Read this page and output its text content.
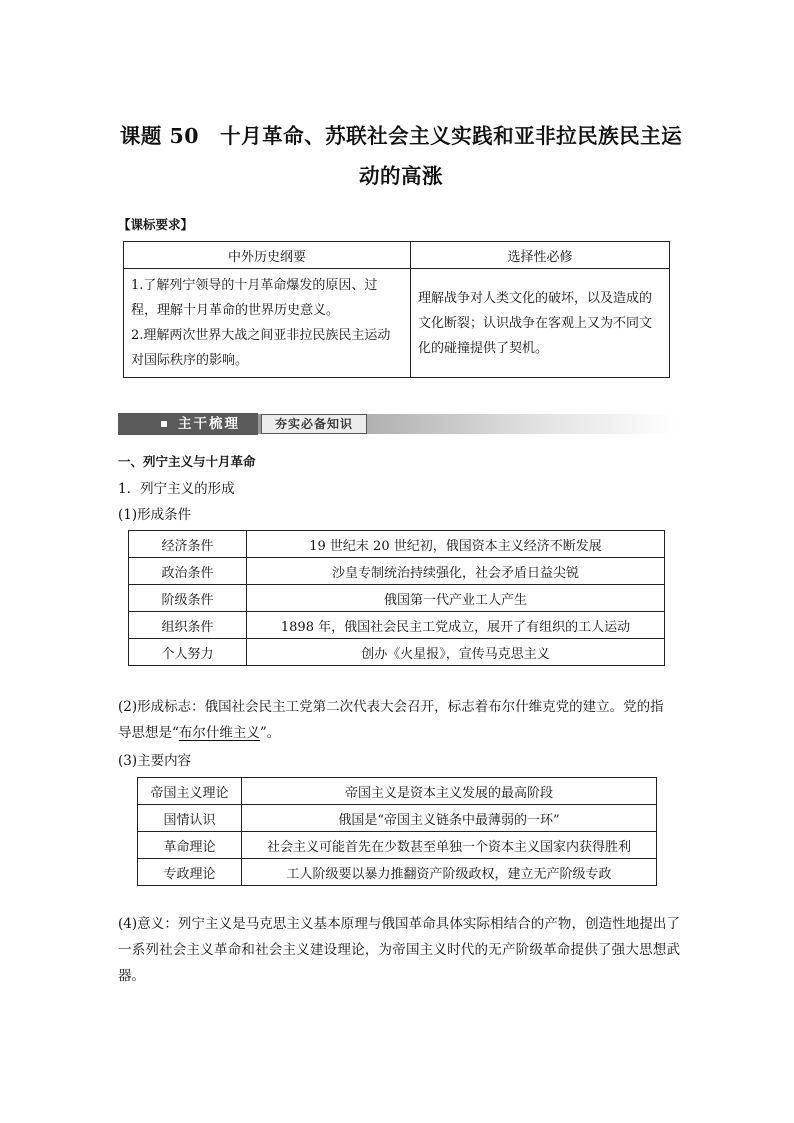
课题 50　十月革命、苏联社会主义实践和亚非拉民族民主运
动的高涨
【课标要求】
中外历史纲要	选择性必修

1.了解列宁领导的十月革命爆发的原因、过程，理解十月革命的世界历史意义。
2.理解两次世界大战之间亚非拉民族民主运动对国际秩序的影响。	理解战争对人类文化的破坏，以及造成的文化断裂；认识战争在客观上又为不同文化的碰撞提供了契机。
主干梳理	夯实必备知识
一、列宁主义与十月革命
1．列宁主义的形成
(1)形成条件
经济条件	19 世纪末 20 世纪初，俄国资本主义经济不断发展
政治条件	沙皇专制统治持续强化，社会矛盾日益尖锐
阶级条件	俄国第一代产业工人产生
组织条件	1898 年，俄国社会民主工党成立，展开了有组织的工人运动
个人努力	创办《火星报》，宣传马克思主义
(2)形成标志：俄国社会民主工党第二次代表大会召开，标志着布尔什维克党的建立。党的指
导思想是“布尔什维主义”。
(3)主要内容
帝国主义理论	帝国主义是资本主义发展的最高阶段
国情认识	俄国是“帝国主义链条中最薄弱的一环”
革命理论	社会主义可能首先在少数甚至单独一个资本主义国家内获得胜利
专政理论	工人阶级要以暴力推翻资产阶级政权，建立无产阶级专政
(4)意义：列宁主义是马克思主义基本原理与俄国革命具体实际相结合的产物，创造性地提出了一系列社会主义革命和社会主义建设理论，为帝国主义时代的无产阶级革命提供了强大思想武器。
